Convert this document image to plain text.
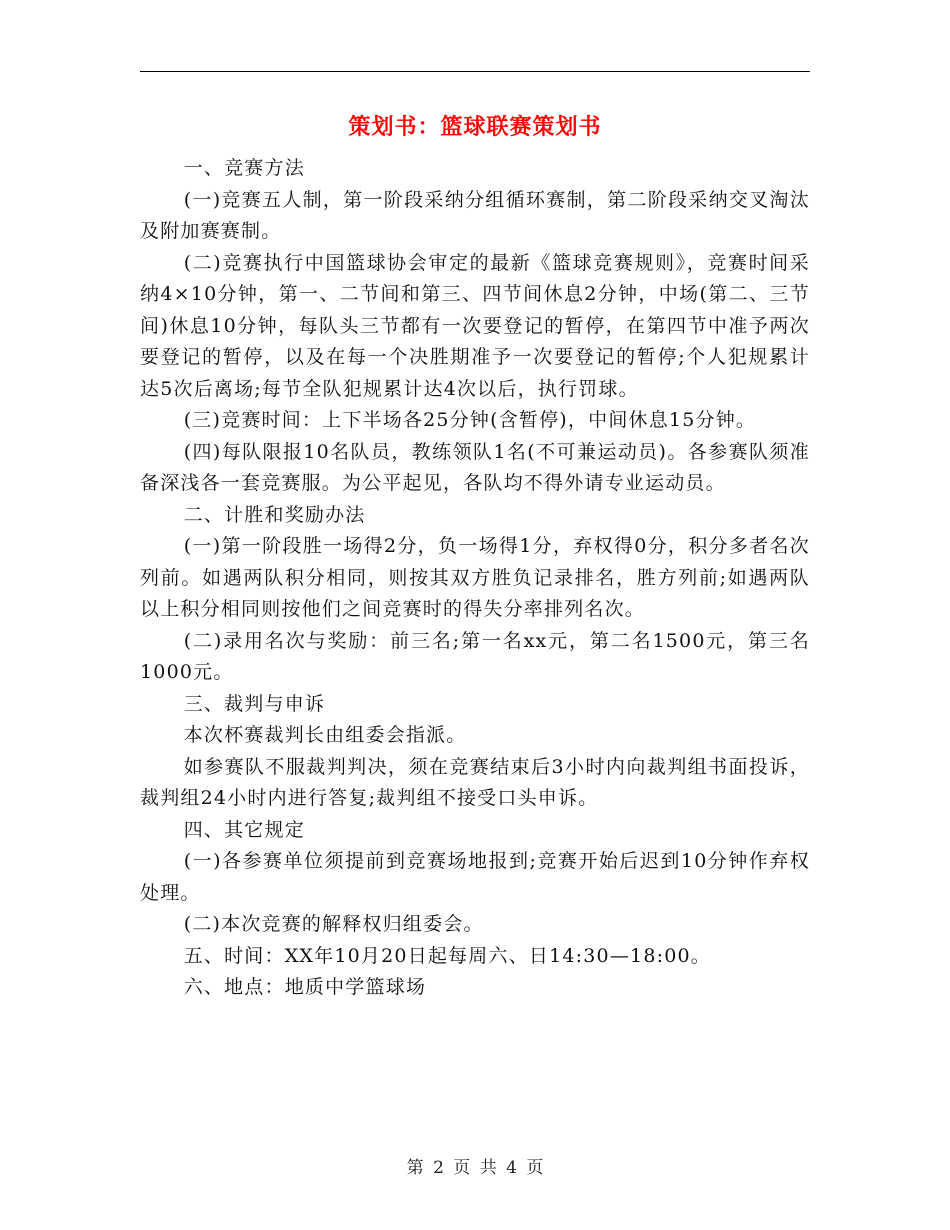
策划书：篮球联赛策划书

一、竞赛方法

(一)竞赛五人制，第一阶段采纳分组循环赛制，第二阶段采纳交叉淘汰及附加赛赛制。

(二)竞赛执行中国篮球协会审定的最新《篮球竞赛规则》，竞赛时间采纳4×10分钟，第一、二节间和第三、四节间休息2分钟，中场(第二、三节间)休息10分钟，每队头三节都有一次要登记的暂停，在第四节中准予两次要登记的暂停，以及在每一个决胜期准予一次要登记的暂停;个人犯规累计达5次后离场;每节全队犯规累计达4次以后，执行罚球。

(三)竞赛时间：上下半场各25分钟(含暂停)，中间休息15分钟。

(四)每队限报10名队员，教练领队1名(不可兼运动员)。各参赛队须准备深浅各一套竞赛服。为公平起见，各队均不得外请专业运动员。

二、计胜和奖励办法

(一)第一阶段胜一场得2分，负一场得1分，弃权得0分，积分多者名次列前。如遇两队积分相同，则按其双方胜负记录排名，胜方列前;如遇两队以上积分相同则按他们之间竞赛时的得失分率排列名次。

(二)录用名次与奖励：前三名;第一名xx元，第二名1500元，第三名1000元。

三、裁判与申诉

本次杯赛裁判长由组委会指派。

如参赛队不服裁判判决，须在竞赛结束后3小时内向裁判组书面投诉，裁判组24小时内进行答复;裁判组不接受口头申诉。

四、其它规定

(一)各参赛单位须提前到竞赛场地报到;竞赛开始后迟到10分钟作弃权处理。

(二)本次竞赛的解释权归组委会。

五、时间：XX年10月20日起每周六、日14:30—18:00。

六、地点：地质中学篮球场

第 2 页 共 4 页
